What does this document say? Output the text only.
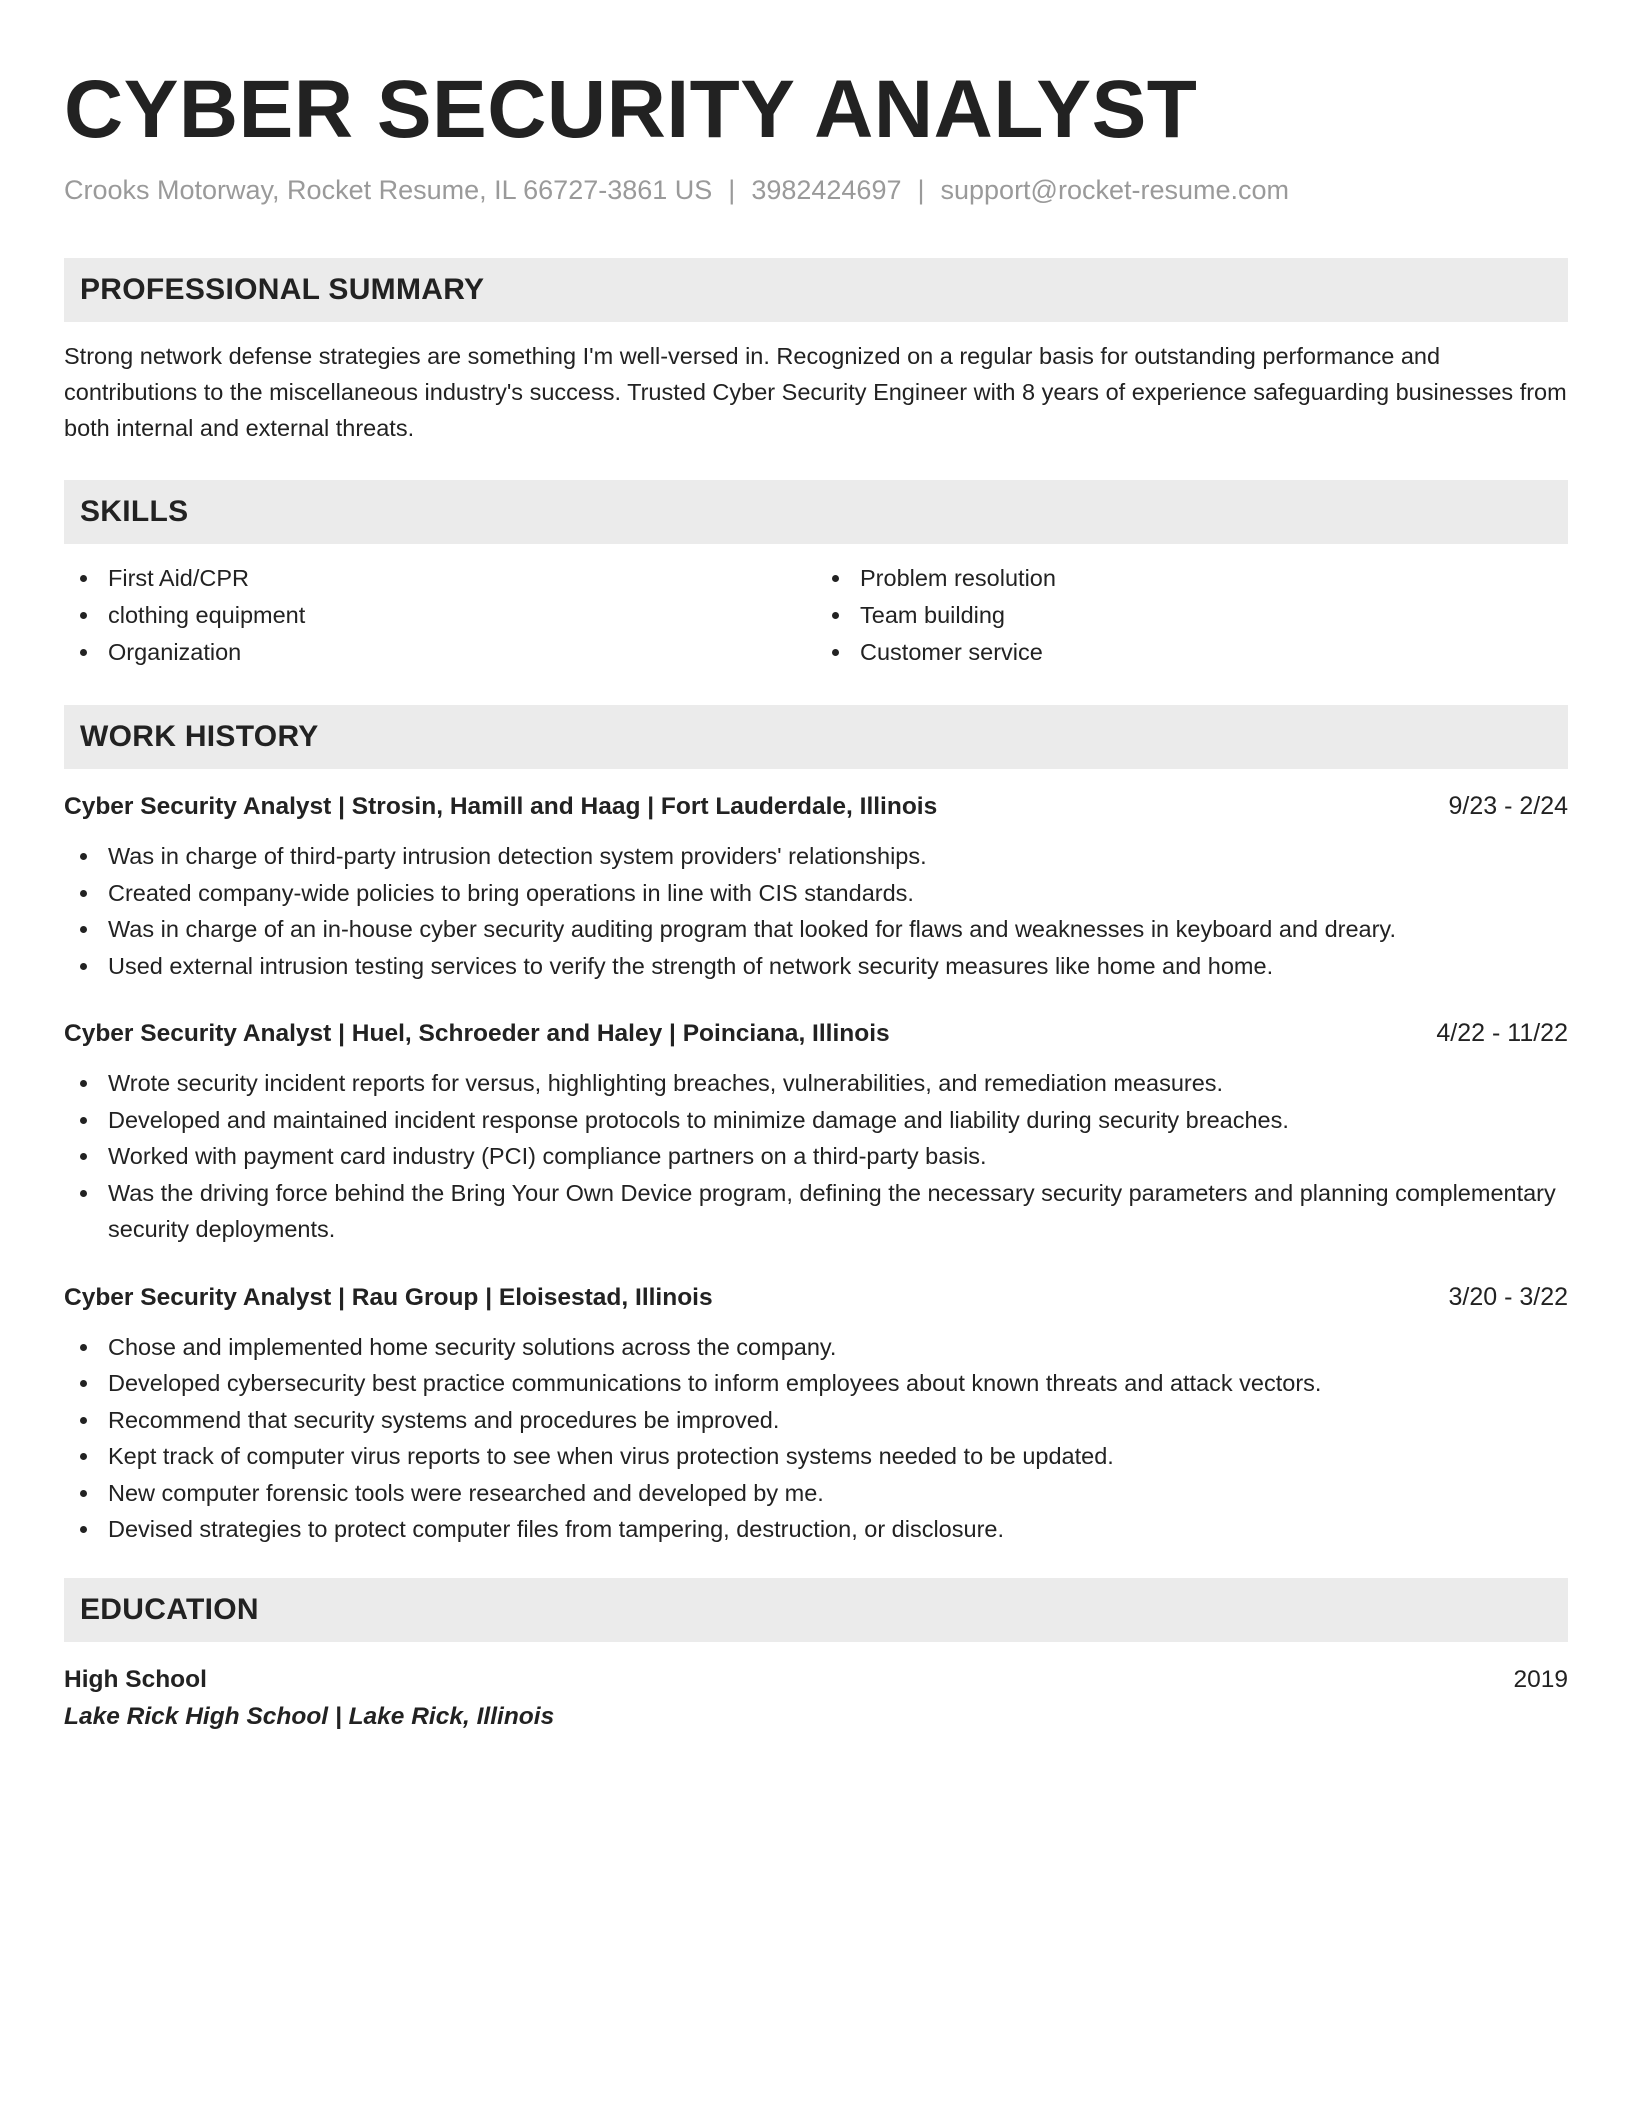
CYBER SECURITY ANALYST
Crooks Motorway, Rocket Resume, IL 66727-3861 US | 3982424697 | support@rocket-resume.com
PROFESSIONAL SUMMARY

Strong network defense strategies are something I'm well-versed in. Recognized on a regular basis for outstanding performance and contributions to the miscellaneous industry's success. Trusted Cyber Security Engineer with 8 years of experience safeguarding businesses from both internal and external threats.

SKILLS
First Aid/CPR
clothing equipment
Organization
Problem resolution
Team building
Customer service
WORK HISTORY
Cyber Security Analyst | Strosin, Hamill and Haag | Fort Lauderdale, Illinois	9/23 - 2/24
Was in charge of third-party intrusion detection system providers' relationships.
Created company-wide policies to bring operations in line with CIS standards.
Was in charge of an in-house cyber security auditing program that looked for flaws and weaknesses in keyboard and dreary.
Used external intrusion testing services to verify the strength of network security measures like home and home.
Cyber Security Analyst | Huel, Schroeder and Haley | Poinciana, Illinois	4/22 - 11/22
Wrote security incident reports for versus, highlighting breaches, vulnerabilities, and remediation measures.
Developed and maintained incident response protocols to minimize damage and liability during security breaches.
Worked with payment card industry (PCI) compliance partners on a third-party basis.
Was the driving force behind the Bring Your Own Device program, defining the necessary security parameters and planning complementary security deployments.
Cyber Security Analyst | Rau Group | Eloisestad, Illinois	3/20 - 3/22
Chose and implemented home security solutions across the company.
Developed cybersecurity best practice communications to inform employees about known threats and attack vectors.
Recommend that security systems and procedures be improved.
Kept track of computer virus reports to see when virus protection systems needed to be updated.
New computer forensic tools were researched and developed by me.
Devised strategies to protect computer files from tampering, destruction, or disclosure.
EDUCATION
High School	2019
Lake Rick High School | Lake Rick, Illinois
